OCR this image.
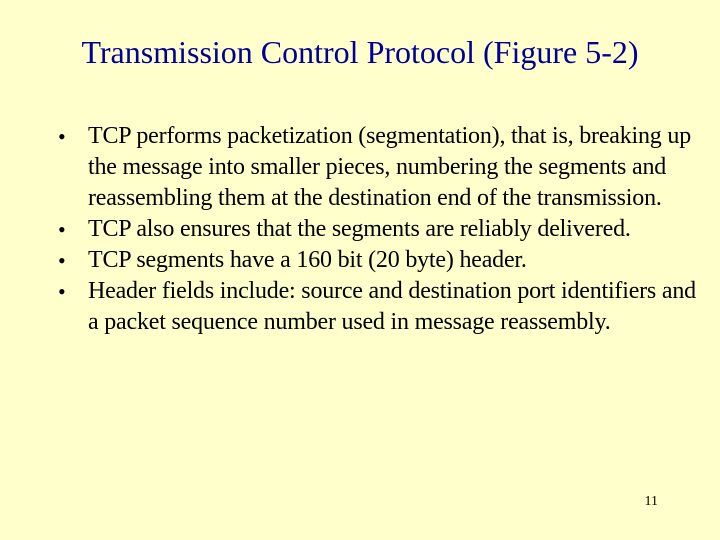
Transmission Control Protocol (Figure 5-2)
• TCP performs packetization (segmentation), that is, breaking up the message into smaller pieces, numbering the segments and reassembling them at the destination end of the transmission.
• TCP also ensures that the segments are reliably delivered.
• TCP segments have a 160 bit (20 byte) header.
• Header fields include: source and destination port identifiers and a packet sequence number used in message reassembly.
11
